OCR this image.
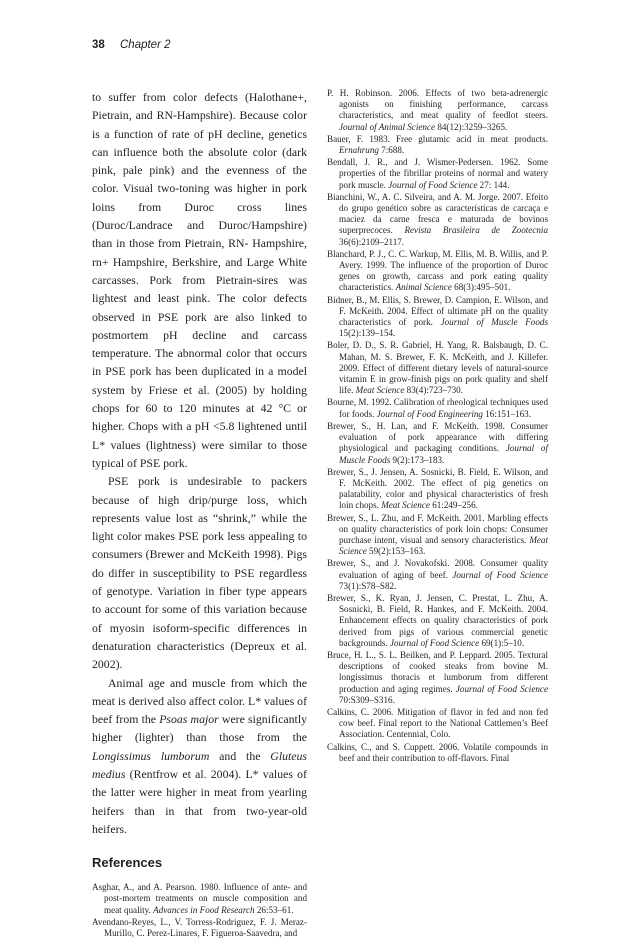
38 Chapter 2

to suffer from color defects (Halothane+, Pietrain, and RN-Hampshire). Because color is a function of rate of pH decline, genetics can influence both the absolute color (dark pink, pale pink) and the evenness of the color. Visual two-toning was higher in pork loins from Duroc cross lines (Duroc/Landrace and Duroc/Hampshire) than in those from Pietrain, RN- Hampshire, rn+ Hampshire, Berkshire, and Large White carcasses. Pork from Pietrain-sires was lightest and least pink. The color defects observed in PSE pork are also linked to postmortem pH decline and carcass temperature. The abnormal color that occurs in PSE pork has been duplicated in a model system by Friese et al. (2005) by holding chops for 60 to 120 minutes at 42 °C or higher. Chops with a pH <5.8 lightened until L* values (lightness) were similar to those typical of PSE pork.

PSE pork is undesirable to packers because of high drip/purge loss, which represents value lost as “shrink,” while the light color makes PSE pork less appealing to consumers (Brewer and McKeith 1998). Pigs do differ in susceptibility to PSE regardless of genotype. Variation in fiber type appears to account for some of this variation because of myosin isoform-specific differences in denaturation characteristics (Depreux et al. 2002).

Animal age and muscle from which the meat is derived also affect color. L* values of beef from the Psoas major were significantly higher (lighter) than those from the Longissimus lumborum and the Gluteus medius (Rentfrow et al. 2004). L* values of the latter were higher in meat from yearling heifers than in that from two-year-old heifers.

References
Asghar, A., and A. Pearson. 1980. Influence of ante- and post-mortem treatments on muscle composition and meat quality. Advances in Food Research 26:53–61.
Avendano-Reyes, L., V. Torress-Rodriguez, F. J. Meraz-Murillo, C. Perez-Linares, F. Figueroa-Saavedra, and
P. H. Robinson. 2006. Effects of two beta-adrenergic agonists on finishing performance, carcass characteristics, and meat quality of feedlot steers. Journal of Animal Science 84(12):3259–3265.
Bauer, F. 1983. Free glutamic acid in meat products. Ernahrung 7:688.
Bendall, J. R., and J. Wismer-Pedersen. 1962. Some properties of the fibrillar proteins of normal and watery pork muscle. Journal of Food Science 27: 144.
Bianchini, W., A. C. Silveira, and A. M. Jorge. 2007. Efeito do grupo genético sobre as características de carcaça e maciez da carne fresca e maturada de bovinos superprecoces. Revista Brasileira de Zootecnia 36(6):2109–2117.
Blanchard, P. J., C. C. Warkup, M. Ellis, M. B. Willis, and P. Avery. 1999. The influence of the proportion of Duroc genes on growth, carcass and pork eating quality characteristics. Animal Science 68(3):495–501.
Bidner, B., M. Ellis, S. Brewer, D. Campion, E. Wilson, and F. McKeith. 2004. Effect of ultimate pH on the quality characteristics of pork. Journal of Muscle Foods 15(2):139–154.
Boler, D. D., S. R. Gabriel, H. Yang, R. Balsbaugh, D. C. Mahan, M. S. Brewer, F. K. McKeith, and J. Killefer. 2009. Effect of different dietary levels of natural-source vitamin E in grow-finish pigs on pork quality and shelf life. Meat Science 83(4):723–730.
Bourne, M. 1992. Calibration of rheological techniques used for foods. Journal of Food Engineering 16:151–163.
Brewer, S., H. Lan, and F. McKeith. 1998. Consumer evaluation of pork appearance with differing physiological and packaging conditions. Journal of Muscle Foods 9(2):173–183.
Brewer, S., J. Jensen, A. Sosnicki, B. Field, E. Wilson, and F. McKeith. 2002. The effect of pig genetics on palatability, color and physical characteristics of fresh loin chops. Meat Science 61:249–256.
Brewer, S., L. Zhu, and F. McKeith. 2001. Marbling effects on quality characteristics of pork loin chops: Consumer purchase intent, visual and sensory characteristics. Meat Science 59(2):153–163.
Brewer, S., and J. Novakofski. 2008. Consumer quality evaluation of aging of beef. Journal of Food Science 73(1):S78–S82.
Brewer, S., K. Ryan, J. Jensen, C. Prestat, L. Zhu, A. Sosnicki, B. Field, R. Hankes, and F. McKeith. 2004. Enhancement effects on quality characteristics of pork derived from pigs of various commercial genetic backgrounds. Journal of Food Science 69(1):5–10.
Bruce, H. L., S. L. Beilken, and P. Leppard. 2005. Textural descriptions of cooked steaks from bovine M. longissimus thoracis et lumborum from different production and aging regimes. Journal of Food Science 70:S309–S316.
Calkins, C. 2006. Mitigation of flavor in fed and non fed cow beef. Final report to the National Cattlemen’s Beef Association. Centennial, Colo.
Calkins, C., and S. Cuppett. 2006. Volatile compounds in beef and their contribution to off-flavors. Final
